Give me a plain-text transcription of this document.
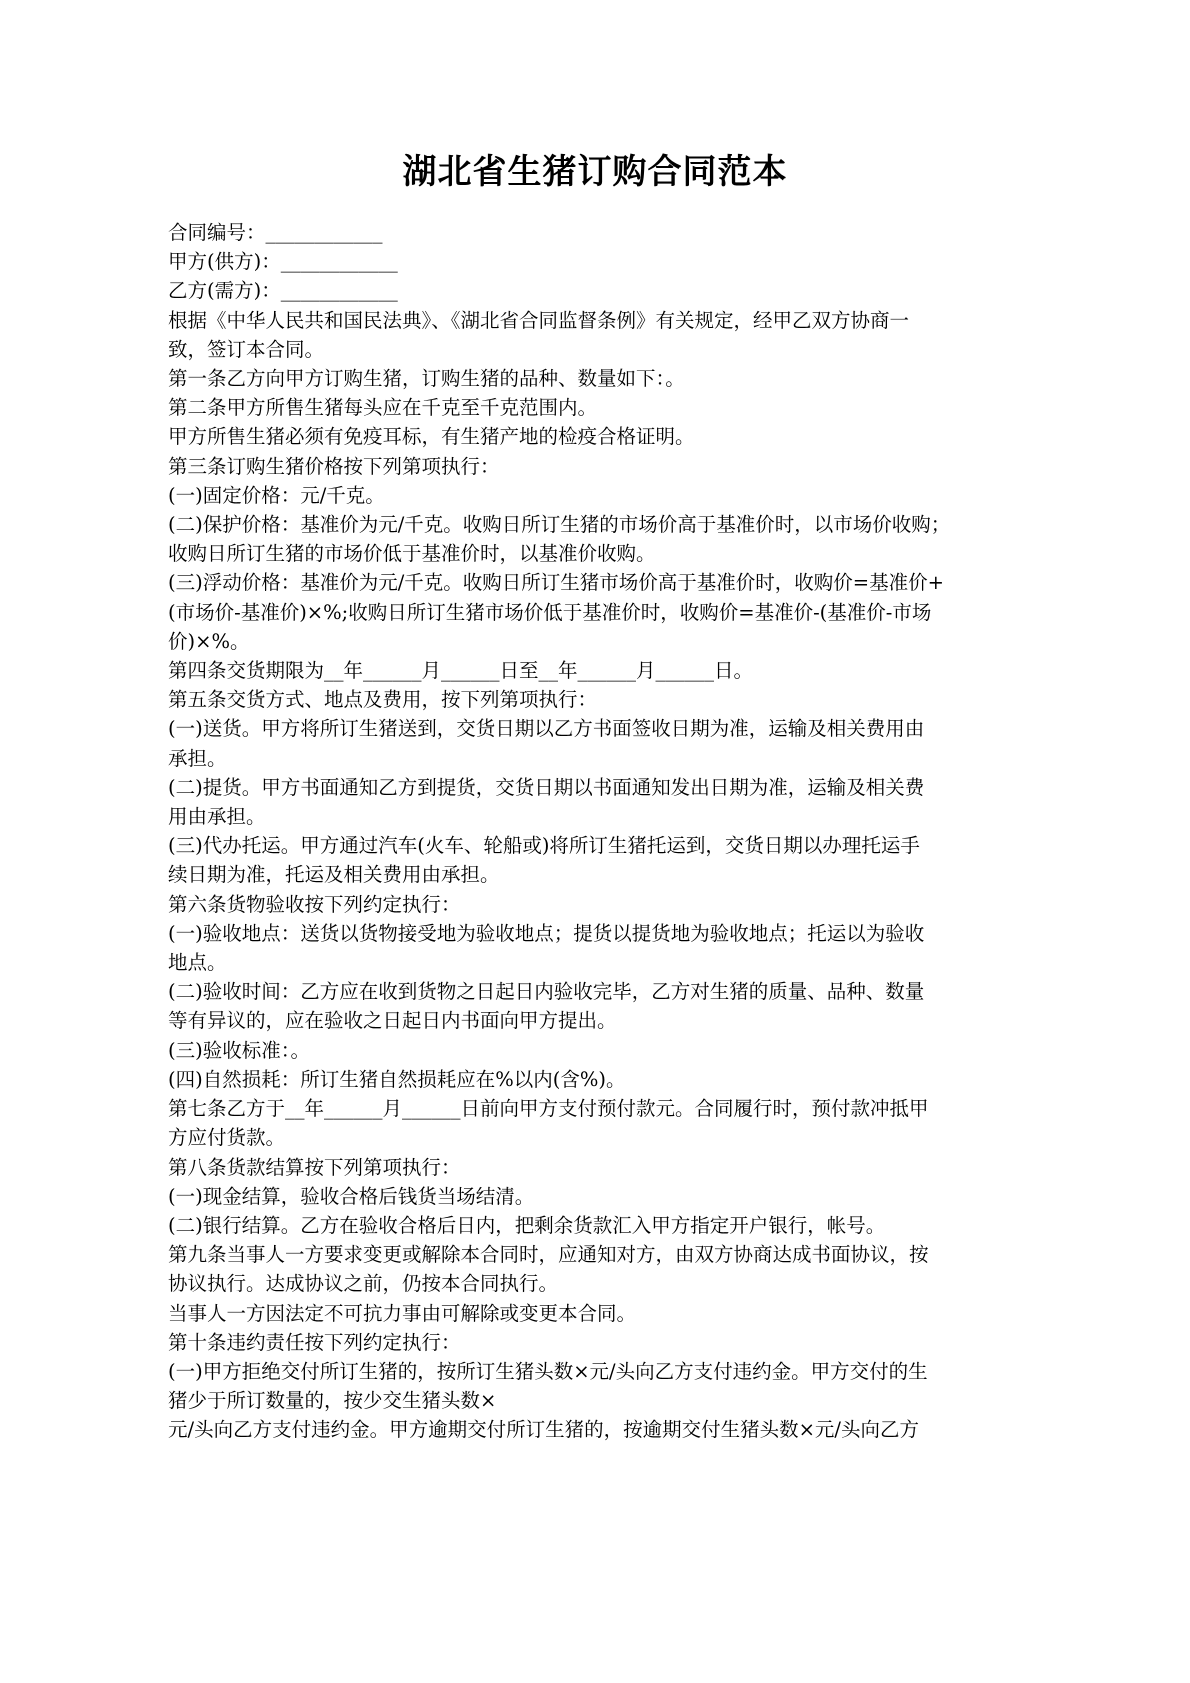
湖北省生猪订购合同范本

合同编号：____________

甲方(供方)：____________

乙方(需方)：____________

根据《中华人民共和国民法典》、《湖北省合同监督条例》有关规定，经甲乙双方协商一

致，签订本合同。

第一条乙方向甲方订购生猪，订购生猪的品种、数量如下：。

第二条甲方所售生猪每头应在千克至千克范围内。

甲方所售生猪必须有免疫耳标，有生猪产地的检疫合格证明。

第三条订购生猪价格按下列第项执行：

(一)固定价格：元/千克。

(二)保护价格：基准价为元/千克。收购日所订生猪的市场价高于基准价时，以市场价收购；

收购日所订生猪的市场价低于基准价时，以基准价收购。

(三)浮动价格：基准价为元/千克。收购日所订生猪市场价高于基准价时，收购价=基准价+

(市场价-基准价)×%;收购日所订生猪市场价低于基准价时，收购价=基准价-(基准价-市场

价)×%。

第四条交货期限为__年______月______日至__年______月______日。

第五条交货方式、地点及费用，按下列第项执行：

(一)送货。甲方将所订生猪送到，交货日期以乙方书面签收日期为准，运输及相关费用由

承担。

(二)提货。甲方书面通知乙方到提货，交货日期以书面通知发出日期为准，运输及相关费

用由承担。

(三)代办托运。甲方通过汽车(火车、轮船或)将所订生猪托运到，交货日期以办理托运手

续日期为准，托运及相关费用由承担。

第六条货物验收按下列约定执行：

(一)验收地点：送货以货物接受地为验收地点；提货以提货地为验收地点；托运以为验收

地点。

(二)验收时间：乙方应在收到货物之日起日内验收完毕，乙方对生猪的质量、品种、数量

等有异议的，应在验收之日起日内书面向甲方提出。

(三)验收标准：。

(四)自然损耗：所订生猪自然损耗应在%以内(含%)。

第七条乙方于__年______月______日前向甲方支付预付款元。合同履行时，预付款冲抵甲

方应付货款。

第八条货款结算按下列第项执行：

(一)现金结算，验收合格后钱货当场结清。

(二)银行结算。乙方在验收合格后日内，把剩余货款汇入甲方指定开户银行，帐号。

第九条当事人一方要求变更或解除本合同时，应通知对方，由双方协商达成书面协议，按

协议执行。达成协议之前，仍按本合同执行。

当事人一方因法定不可抗力事由可解除或变更本合同。

第十条违约责任按下列约定执行：

(一)甲方拒绝交付所订生猪的，按所订生猪头数×元/头向乙方支付违约金。甲方交付的生

猪少于所订数量的，按少交生猪头数×

元/头向乙方支付违约金。甲方逾期交付所订生猪的，按逾期交付生猪头数×元/头向乙方
